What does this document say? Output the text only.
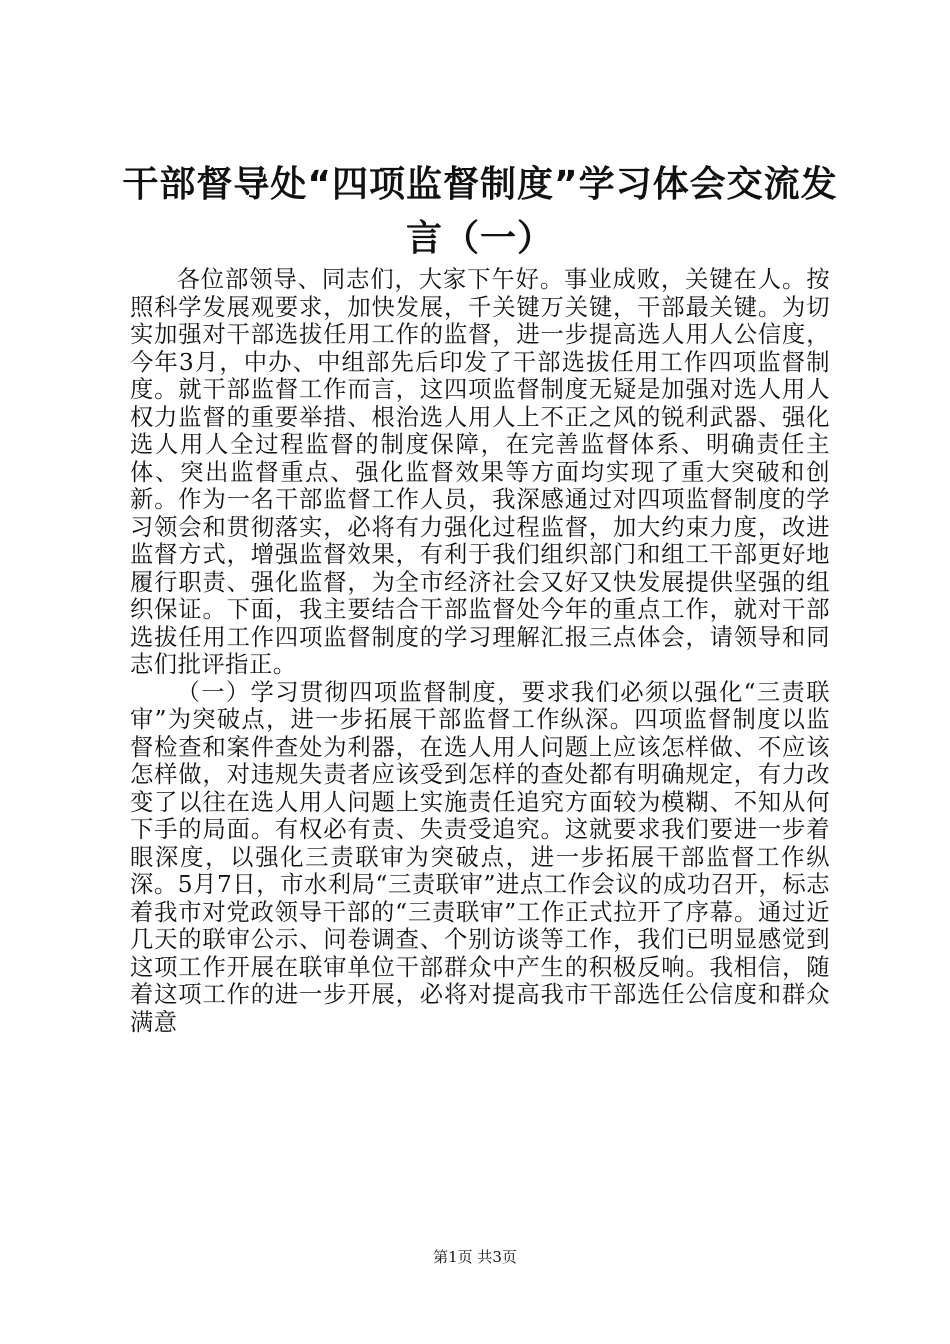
干部督导处“四项监督制度”学习体会交流发言（一）

各位部领导、同志们，大家下午好。事业成败，关键在人。按照科学发展观要求，加快发展，千关键万关键，干部最关键。为切实加强对干部选拔任用工作的监督，进一步提高选人用人公信度，今年3月，中办、中组部先后印发了干部选拔任用工作四项监督制度。就干部监督工作而言，这四项监督制度无疑是加强对选人用人权力监督的重要举措、根治选人用人上不正之风的锐利武器、强化选人用人全过程监督的制度保障，在完善监督体系、明确责任主体、突出监督重点、强化监督效果等方面均实现了重大突破和创新。作为一名干部监督工作人员，我深感通过对四项监督制度的学习领会和贯彻落实，必将有力强化过程监督，加大约束力度，改进监督方式，增强监督效果，有利于我们组织部门和组工干部更好地履行职责、强化监督，为全市经济社会又好又快发展提供坚强的组织保证。下面，我主要结合干部监督处今年的重点工作，就对干部选拔任用工作四项监督制度的学习理解汇报三点体会，请领导和同志们批评指正。

（一）学习贯彻四项监督制度，要求我们必须以强化“三责联审”为突破点，进一步拓展干部监督工作纵深。四项监督制度以监督检查和案件查处为利器，在选人用人问题上应该怎样做、不应该怎样做，对违规失责者应该受到怎样的查处都有明确规定，有力改变了以往在选人用人问题上实施责任追究方面较为模糊、不知从何下手的局面。有权必有责、失责受追究。这就要求我们要进一步着眼深度，以强化三责联审为突破点，进一步拓展干部监督工作纵深。5月7日，市水利局“三责联审”进点工作会议的成功召开，标志着我市对党政领导干部的“三责联审”工作正式拉开了序幕。通过近几天的联审公示、问卷调查、个别访谈等工作，我们已明显感觉到这项工作开展在联审单位干部群众中产生的积极反响。我相信，随着这项工作的进一步开展，必将对提高我市干部选任公信度和群众满意

第1页 共3页
